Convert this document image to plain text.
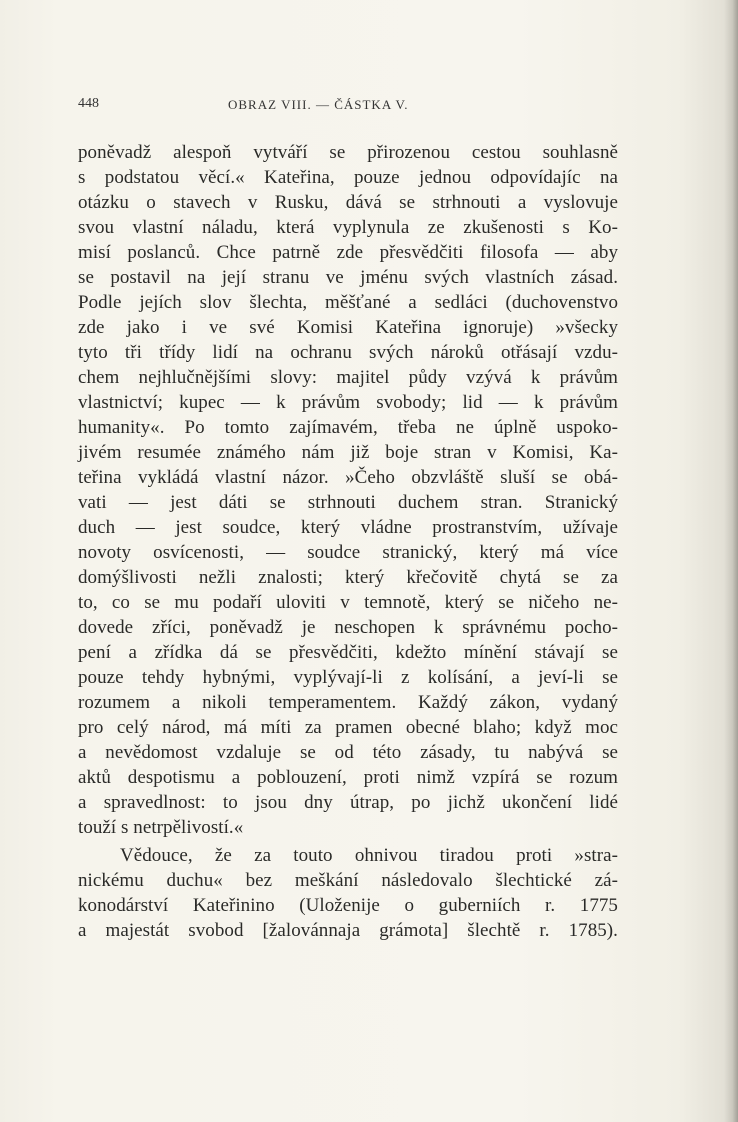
448	OBRAZ VIII. — ČÁSTKA V.
poněvadž alespoň vytváří se přirozenou cestou souhlasně
s podstatou věcí.« Kateřina, pouze jednou odpovídajíc na
otázku o stavech v Rusku, dává se strhnouti a vyslovuje
svou vlastní náladu, která vyplynula ze zkušenosti s Ko-
misí poslanců. Chce patrně zde přesvědčiti filosofa — aby
se postavil na její stranu ve jménu svých vlastních zásad.
Podle jejích slov šlechta, měšťané a sedláci (duchovenstvo
zde jako i ve své Komisi Kateřina ignoruje) »všecky
tyto tři třídy lidí na ochranu svých nároků otřásají vzdu-
chem nejhlučnějšími slovy: majitel půdy vzývá k právům
vlastnictví; kupec — k právům svobody; lid — k právům
humanity«. Po tomto zajímavém, třeba ne úplně uspoko-
jivém resumée známého nám již boje stran v Komisi, Ka-
teřina vykládá vlastní názor. »Čeho obzvláště sluší se obá-
vati — jest dáti se strhnouti duchem stran. Stranický
duch — jest soudce, který vládne prostranstvím, užívaje
novoty osvícenosti, — soudce stranický, který má více
domýšlivosti nežli znalosti; který křečovitě chytá se za
to, co se mu podaří uloviti v temnotě, který se ničeho ne-
dovede zříci, poněvadž je neschopen k správnému pocho-
pení a zřídka dá se přesvědčiti, kdežto mínění stávají se
pouze tehdy hybnými, vyplývají-li z kolísání, a jeví-li se
rozumem a nikoli temperamentem. Každý zákon, vydaný
pro celý národ, má míti za pramen obecné blaho; když moc
a nevědomost vzdaluje se od této zásady, tu nabývá se
aktů despotismu a poblouzení, proti nimž vzpírá se rozum
a spravedlnost: to jsou dny útrap, po jichž ukončení lidé
touží s netrpělivostí.«
Vědouce, že za touto ohnivou tiradou proti »stra-
nickému duchu« bez meškání následovalo šlechtické zá-
konodárství Kateřinino (Uloženije o guberniích r. 1775
a majestát svobod [žalovánnaja grámota] šlechtě r. 1785).
